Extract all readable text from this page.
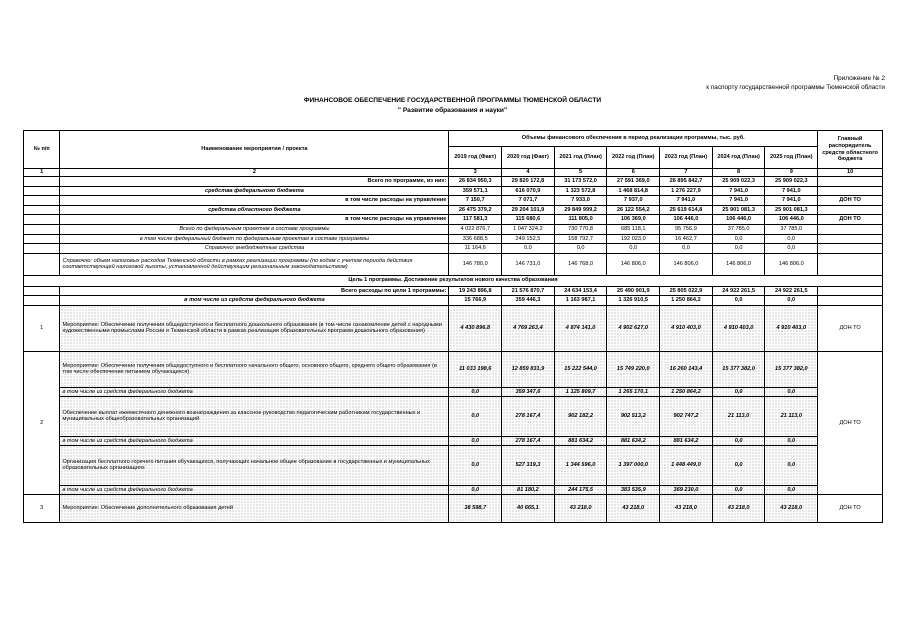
Приложение № 2
к паспорту государственной программы Тюменской области
ФИНАНСОВОЕ ОБЕСПЕЧЕНИЕ ГОСУДАРСТВЕННОЙ ПРОГРАММЫ ТЮМЕНСКОЙ ОБЛАСТИ
" Развитие образования и науки"
№ п/п	Наименование мероприятия / проекта	Объемы финансового обеспечения в период реализации программы, тыс. руб.							Главный распорядитель средств областного бюджета
		2019 год (Факт)	2020 год (Факт)	2021 год (План)	2022 год (План)	2023 год (План)	2024 год (План)	2025 год (План)	
1	2	3	4	5	6	7	8	9	10
	Всего по программе, из них:	26 834 950,3	29 820 172,8	31 173 572,0	27 591 369,0	26 895 842,7	25 909 022,3	25 909 022,3	
	средства федерального бюджета	359 571,1	616 070,9	1 323 572,8	1 468 814,8	1 276 227,9	7 941,0	7 941,0	
	в том числе расходы на управление	7 150,7	7 071,7	7 933,0	7 937,0	7 941,0	7 941,0	7 941,0	ДОН ТО
	средства областного бюджета	26 475 379,2	29 204 101,9	29 849 999,2	26 122 554,2	25 619 614,8	25 901 081,3	25 901 081,3	
	в том числе расходы на управление	117 581,3	115 680,6	111 805,0	106 369,0	106 446,0	106 446,0	106 446,0	ДОН ТО
	Всего по федеральным проектам в составе программы	4 022 876,7	1 047 324,2	730 770,8	685 118,1	95 756,9	37 785,0	37 785,0	
	в том числе федеральный бюджет по федеральным проектам в составе программы	336 688,5	249 152,5	158 792,7	192 023,0	16 462,7	0,0	0,0	
	Справочно: внебюджетные средства	11 164,6	0,0	0,0	0,0	0,0	0,0	0,0	
	Справочно: объем налоговых расходов Тюменской области в рамках реализации программы (по кодам с учетом периода действия соответствующей налоговой льготы, установленной действующим региональным законодательством)	146 780,0	146 731,0	146 768,0	146 806,0	146 806,0	146 806,0	146 806,0	
Цель 1 программы. Достижение результатов нового качества образования									
	Всего расходы по цели 1 программы:	19 243 896,8	21 576 870,7	24 634 153,4	25 490 901,9	25 805 022,9	24 922 261,5	24 922 261,5	
	в том числе из средств федерального бюджета	15 766,9	359 446,3	1 163 987,1	1 326 910,5	1 250 864,2	0,0	0,0	
1	Мероприятие: Обеспечение получения общедоступного и бесплатного дошкольного образования (в том числе ознакомление детей с народными художественными промыслами России и Тюменской области в рамках реализации образовательных программ дошкольного образования)	4 430 896,8	4 769 263,4	4 874 141,0	4 902 627,0	4 910 403,0	4 910 403,0	4 910 403,0	ДОН ТО
2	Мероприятие: Обеспечение получения общедоступного и бесплатного начального общего, основного общего, среднего общего образования (в том числе обеспечение питанием обучающихся)	11 033 198,6	12 859 831,9	15 222 544,0	15 749 220,0	16 260 143,4	15 377 382,0	15 377 382,0	ДОН ТО
	в том числе из средств федерального бюджета	0,0	359 347,6	1 125 809,7	1 265 170,1	1 250 864,2	0,0	0,0	
	Обеспечение выплат ежемесячного денежного вознаграждения за классное руководство педагогическим работникам государственных и муниципальных общеобразовательных организаций	0,0	278 167,4	902 182,2	902 513,2	902 747,2	21 113,0	21 113,0	
	в том числе из средств федерального бюджета	0,0	278 167,4	881 634,2	881 634,2	881 634,2	0,0	0,0	
	Организация бесплатного горячего питания обучающихся, получающих начальное общее образование в государственных и муниципальных образовательных организациях	0,0	527 319,3	1 344 596,0	1 397 000,0	1 448 449,0	0,0	0,0	
	в том числе из средств федерального бюджета	0,0	81 180,2	244 175,5	383 535,9	369 230,0	0,0	0,0	
3	Мероприятие: Обеспечение дополнительного образования детей	38 598,7	40 665,1	43 218,0	43 218,0	43 218,0	43 218,0	43 218,0	ДОН ТО
